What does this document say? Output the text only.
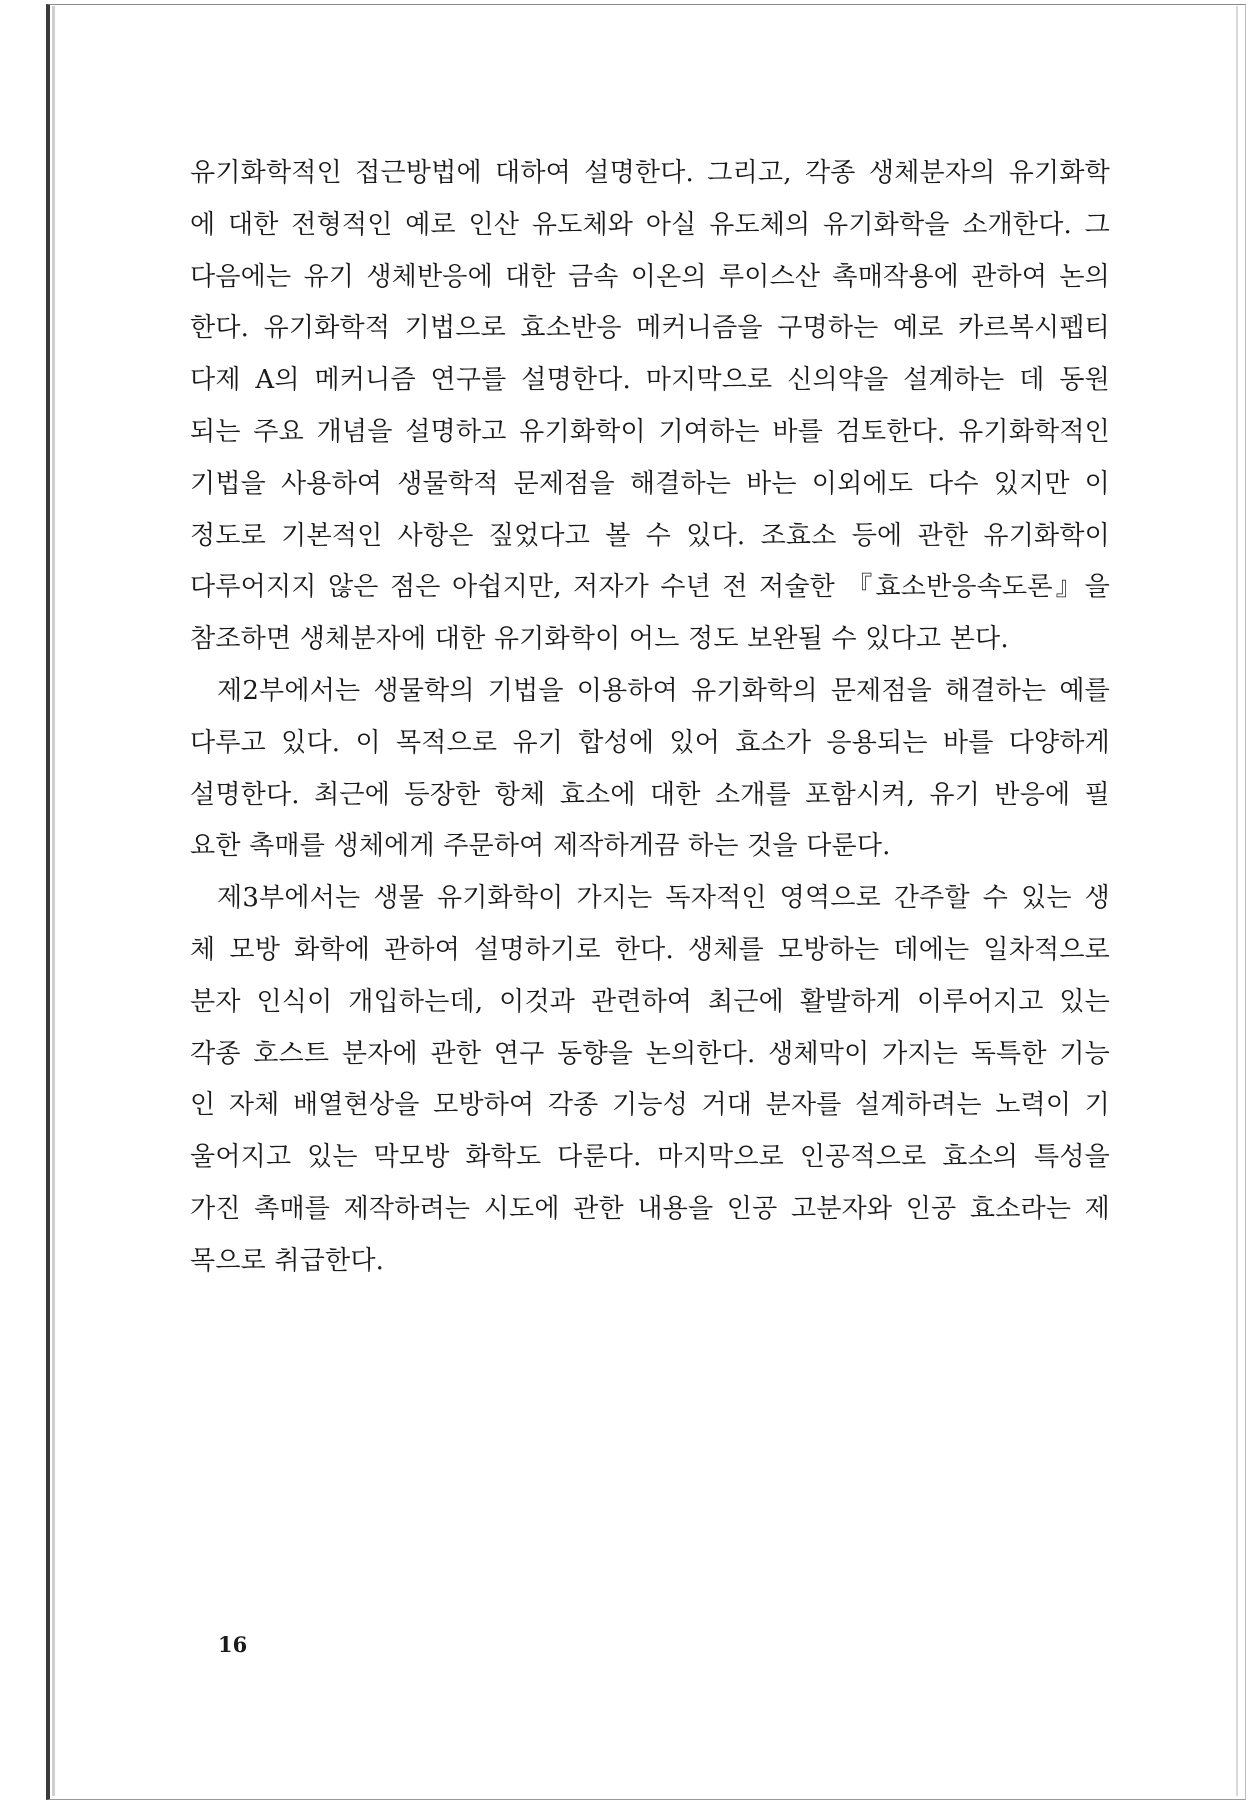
유기화학적인 접근방법에 대하여 설명한다. 그리고, 각종 생체분자의 유기화학
에 대한 전형적인 예로 인산 유도체와 아실 유도체의 유기화학을 소개한다. 그
다음에는 유기 생체반응에 대한 금속 이온의 루이스산 촉매작용에 관하여 논의
한다. 유기화학적 기법으로 효소반응 메커니즘을 구명하는 예로 카르복시펩티
다제 A의 메커니즘 연구를 설명한다. 마지막으로 신의약을 설계하는 데 동원
되는 주요 개념을 설명하고 유기화학이 기여하는 바를 검토한다. 유기화학적인
기법을 사용하여 생물학적 문제점을 해결하는 바는 이외에도 다수 있지만 이
정도로 기본적인 사항은 짚었다고 볼 수 있다. 조효소 등에 관한 유기화학이
다루어지지 않은 점은 아쉽지만, 저자가 수년 전 저술한 『효소반응속도론』을
참조하면 생체분자에 대한 유기화학이 어느 정도 보완될 수 있다고 본다.
제2부에서는 생물학의 기법을 이용하여 유기화학의 문제점을 해결하는 예를
다루고 있다. 이 목적으로 유기 합성에 있어 효소가 응용되는 바를 다양하게
설명한다. 최근에 등장한 항체 효소에 대한 소개를 포함시켜, 유기 반응에 필
요한 촉매를 생체에게 주문하여 제작하게끔 하는 것을 다룬다.
제3부에서는 생물 유기화학이 가지는 독자적인 영역으로 간주할 수 있는 생
체 모방 화학에 관하여 설명하기로 한다. 생체를 모방하는 데에는 일차적으로
분자 인식이 개입하는데, 이것과 관련하여 최근에 활발하게 이루어지고 있는
각종 호스트 분자에 관한 연구 동향을 논의한다. 생체막이 가지는 독특한 기능
인 자체 배열현상을 모방하여 각종 기능성 거대 분자를 설계하려는 노력이 기
울어지고 있는 막모방 화학도 다룬다. 마지막으로 인공적으로 효소의 특성을
가진 촉매를 제작하려는 시도에 관한 내용을 인공 고분자와 인공 효소라는 제
목으로 취급한다.
16
